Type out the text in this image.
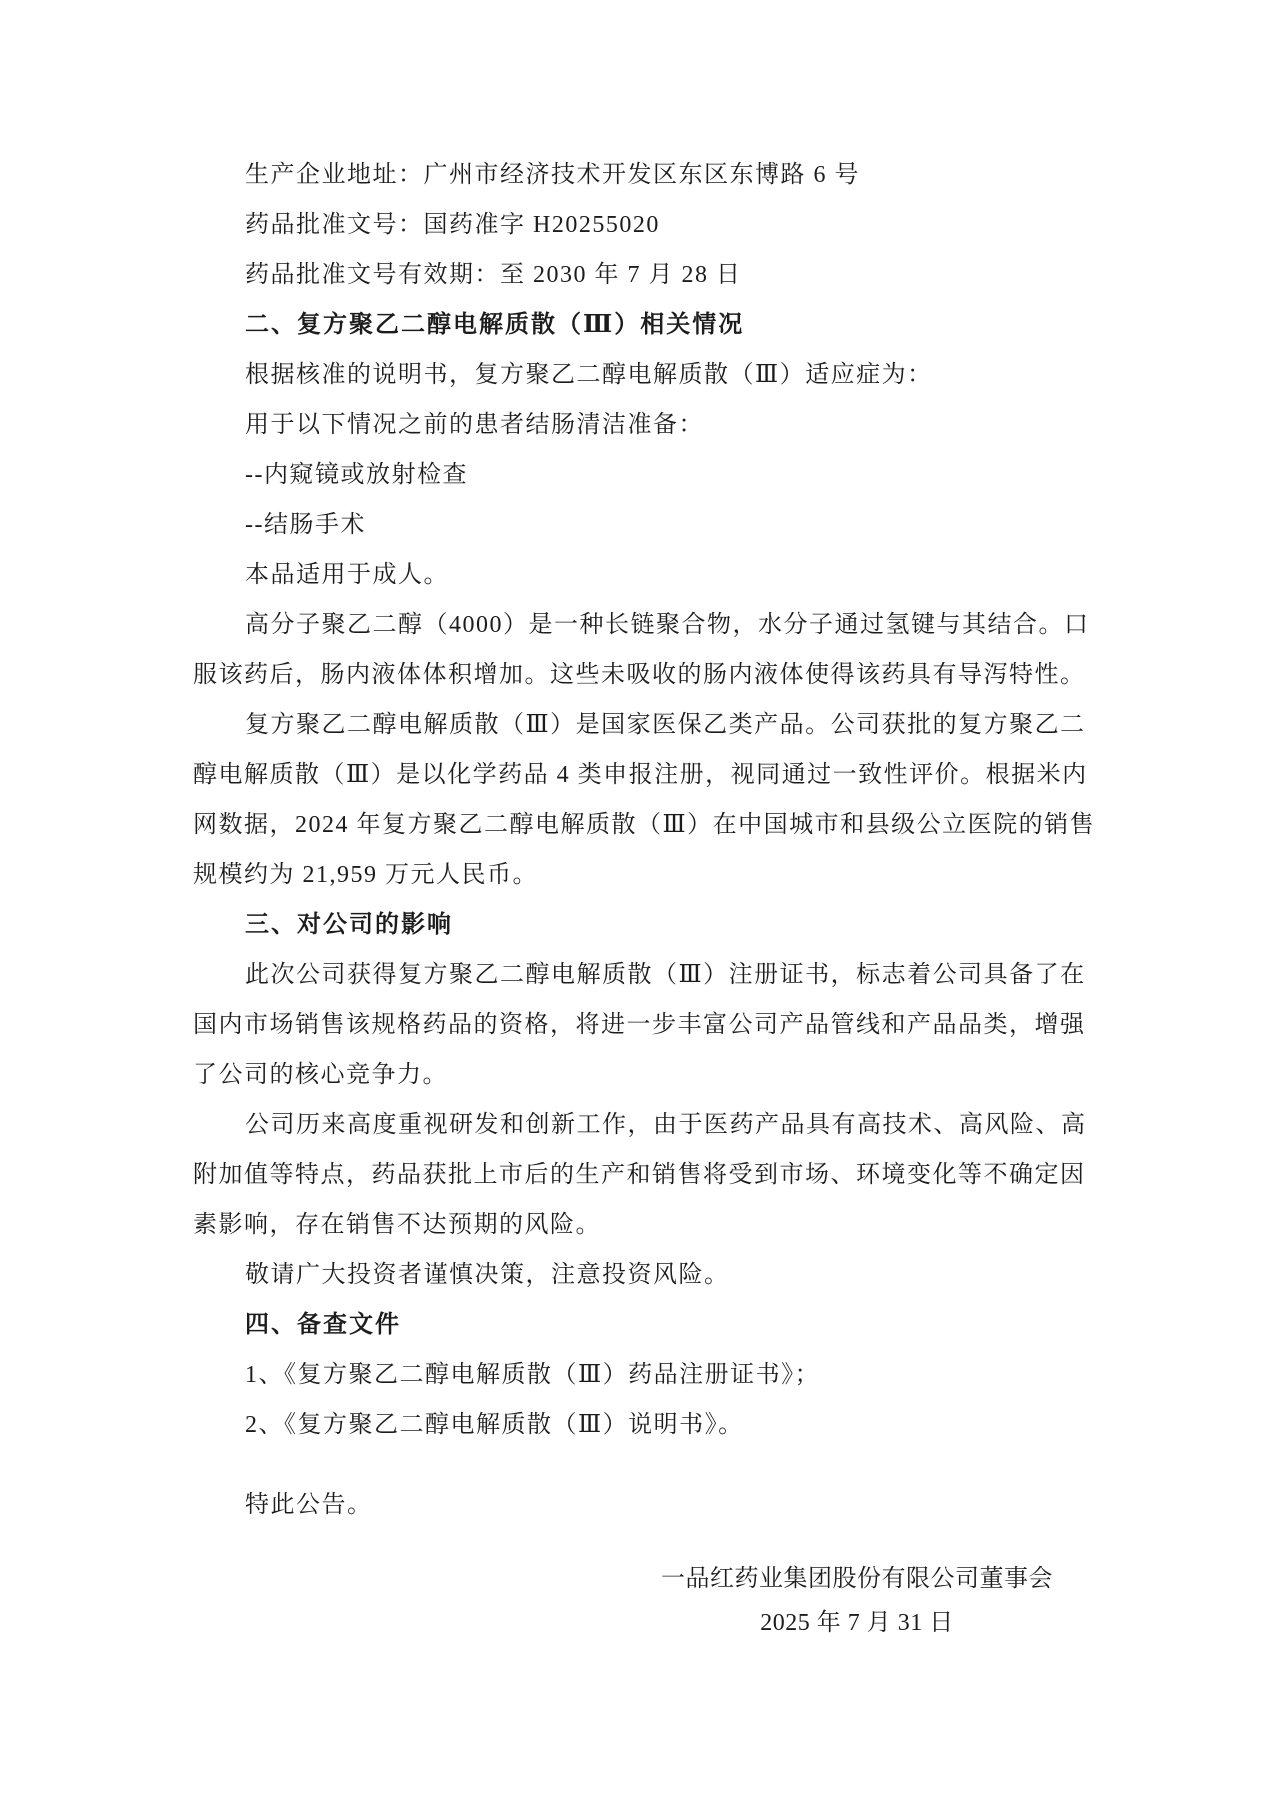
生产企业地址：广州市经济技术开发区东区东博路 6 号
药品批准文号：国药准字 H20255020
药品批准文号有效期：至 2030 年 7 月 28 日
二、复方聚乙二醇电解质散（Ⅲ）相关情况
根据核准的说明书，复方聚乙二醇电解质散（Ⅲ）适应症为：
用于以下情况之前的患者结肠清洁准备：
--内窥镜或放射检查
--结肠手术
本品适用于成人。
高分子聚乙二醇（4000）是一种长链聚合物，水分子通过氢键与其结合。口
服该药后，肠内液体体积增加。这些未吸收的肠内液体使得该药具有导泻特性。
复方聚乙二醇电解质散（Ⅲ）是国家医保乙类产品。公司获批的复方聚乙二
醇电解质散（Ⅲ）是以化学药品 4 类申报注册，视同通过一致性评价。根据米内
网数据，2024 年复方聚乙二醇电解质散（Ⅲ）在中国城市和县级公立医院的销售
规模约为 21,959 万元人民币。
三、对公司的影响
此次公司获得复方聚乙二醇电解质散（Ⅲ）注册证书，标志着公司具备了在
国内市场销售该规格药品的资格，将进一步丰富公司产品管线和产品品类，增强
了公司的核心竞争力。
公司历来高度重视研发和创新工作，由于医药产品具有高技术、高风险、高
附加值等特点，药品获批上市后的生产和销售将受到市场、环境变化等不确定因
素影响，存在销售不达预期的风险。
敬请广大投资者谨慎决策，注意投资风险。
四、备查文件
1、《复方聚乙二醇电解质散（Ⅲ）药品注册证书》；
2、《复方聚乙二醇电解质散（Ⅲ）说明书》。
特此公告。
一品红药业集团股份有限公司董事会
2025 年 7 月 31 日
